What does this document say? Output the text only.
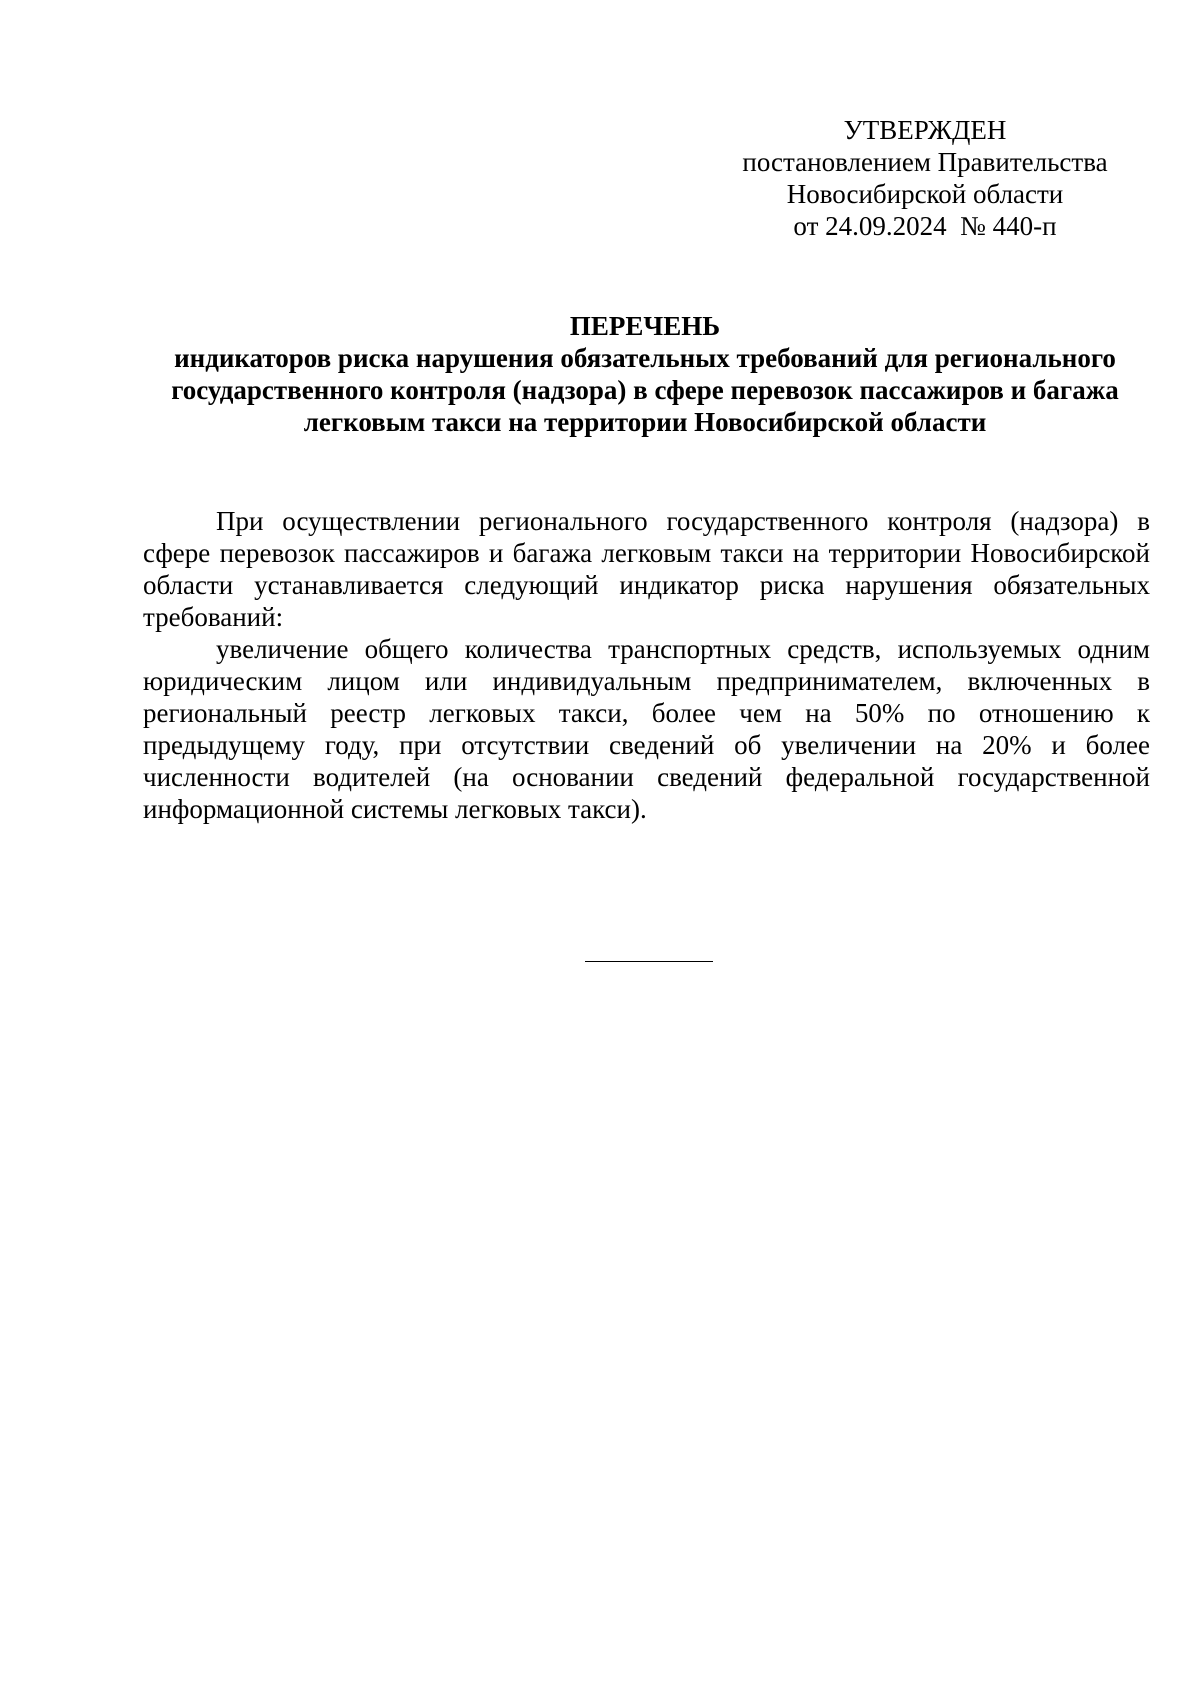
УТВЕРЖДЕН
постановлением Правительства
Новосибирской области
от 24.09.2024  № 440-п
ПЕРЕЧЕНЬ
индикаторов риска нарушения обязательных требований для регионального
государственного контроля (надзора) в сфере перевозок пассажиров и багажа
легковым такси на территории Новосибирской области

При осуществлении регионального государственного контроля (надзора) в сфере перевозок пассажиров и багажа легковым такси на территории Новосибирской области устанавливается следующий индикатор риска нарушения обязательных требований:

увеличение общего количества транспортных средств, используемых одним юридическим лицом или индивидуальным предпринимателем, включенных в региональный реестр легковых такси, более чем на 50% по отношению к предыдущему году, при отсутствии сведений об увеличении на 20% и более численности водителей (на основании сведений федеральной государственной информационной системы легковых такси).
